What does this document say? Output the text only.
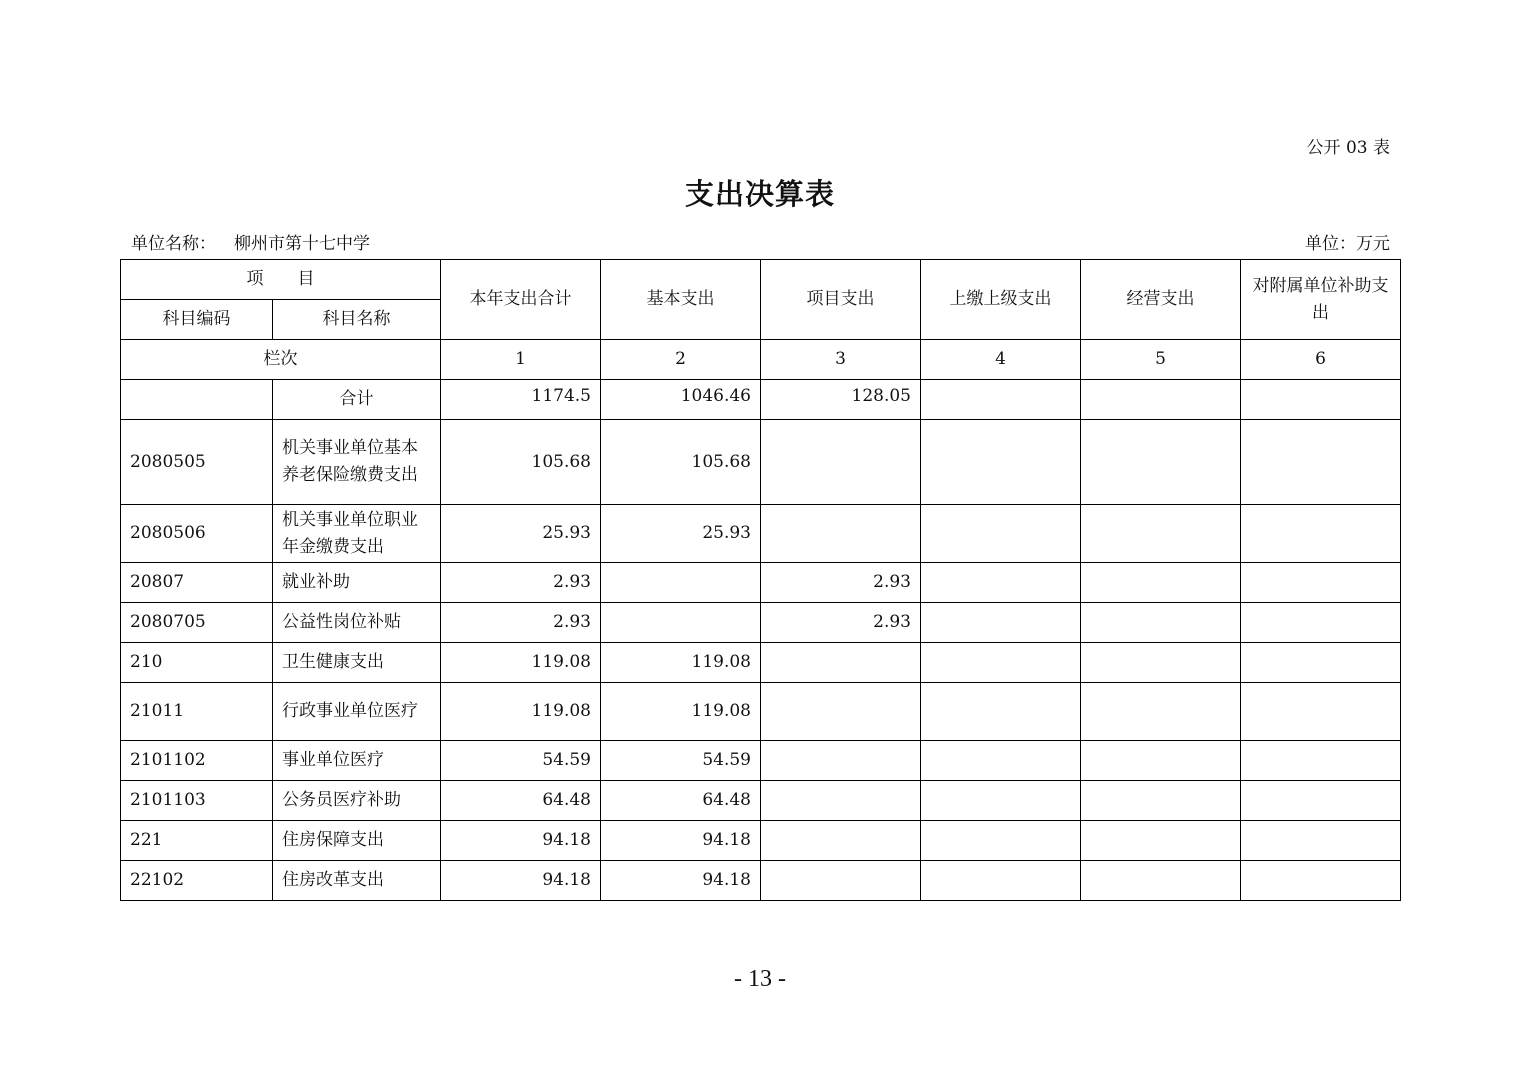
公开 03 表
支出决算表
单位名称： 柳州市第十七中学	单位：万元
项　　目		本年支出合计	基本支出	项目支出	上缴上级支出	经营支出	对附属单位补助支出
科目编码	科目名称						
栏次		1	2	3	4	5	6
	合计	1174.5	1046.46	128.05			
2080505	机关事业单位基本养老保险缴费支出	105.68	105.68				
2080506	机关事业单位职业年金缴费支出	25.93	25.93				
20807	就业补助	2.93		2.93			
2080705	公益性岗位补贴	2.93		2.93			
210	卫生健康支出	119.08	119.08				
21011	行政事业单位医疗	119.08	119.08				
2101102	事业单位医疗	54.59	54.59				
2101103	公务员医疗补助	64.48	64.48				
221	住房保障支出	94.18	94.18				
22102	住房改革支出	94.18	94.18				
- 13 -
